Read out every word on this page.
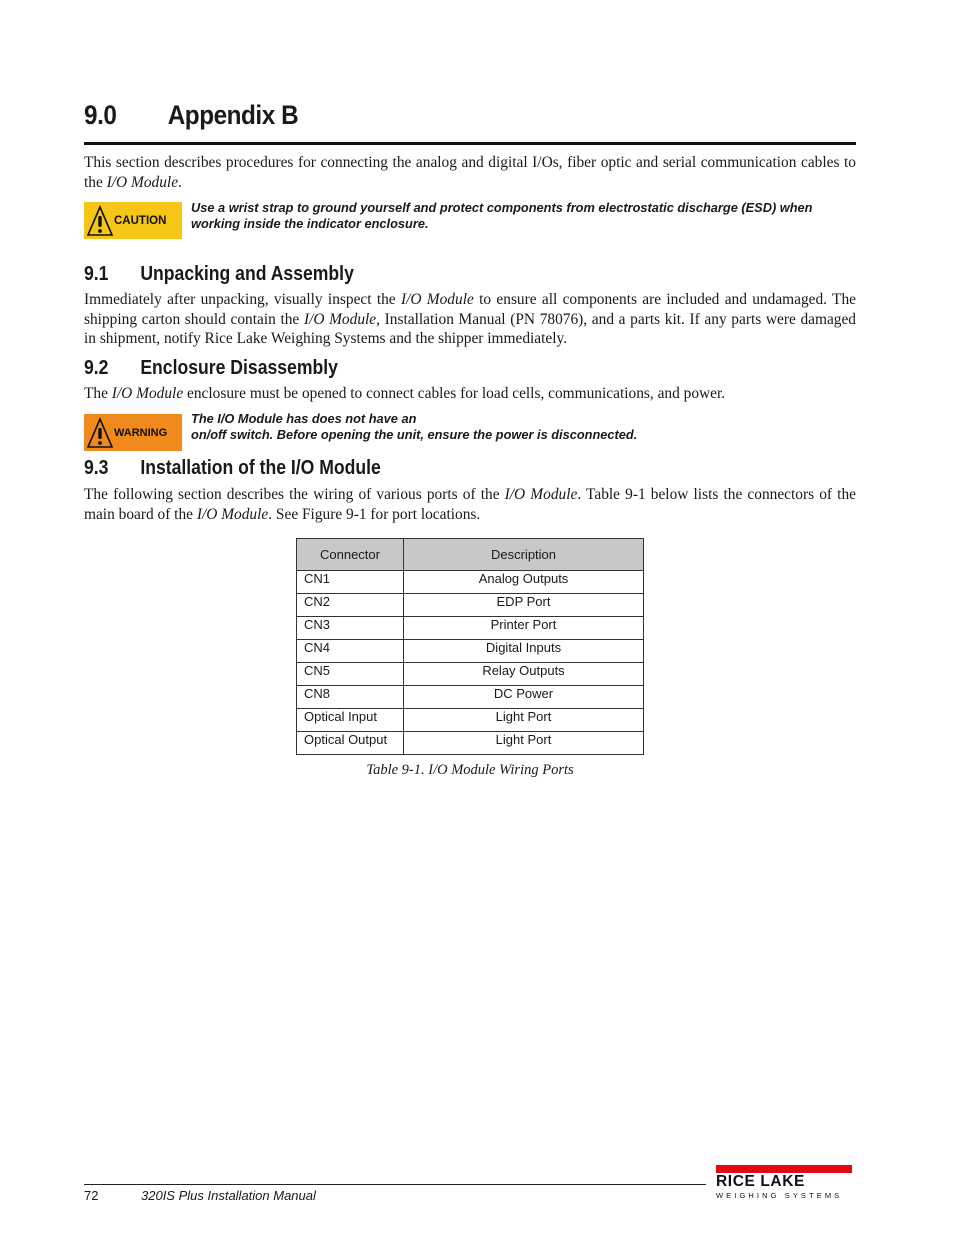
9.0 Appendix B
This section describes procedures for connecting the analog and digital I/Os, fiber optic and serial communication cables to the I/O Module.
CAUTION
Use a wrist strap to ground yourself and protect components from electrostatic discharge (ESD) when working inside the indicator enclosure.
9.1 Unpacking and Assembly
Immediately after unpacking, visually inspect the I/O Module to ensure all components are included and undamaged. The shipping carton should contain the I/O Module, Installation Manual (PN 78076), and a parts kit. If any parts were damaged in shipment, notify Rice Lake Weighing Systems and the shipper immediately.
9.2 Enclosure Disassembly
The I/O Module enclosure must be opened to connect cables for load cells, communications, and power.
WARNING
The I/O Module has does not have an
on/off switch. Before opening the unit, ensure the power is disconnected.
9.3 Installation of the I/O Module
The following section describes the wiring of various ports of the I/O Module. Table 9-1 below lists the connectors of the main board of the I/O Module. See Figure 9-1 for port locations.
Connector	Description
CN1	Analog Outputs
CN2	EDP Port
CN3	Printer Port
CN4	Digital Inputs
CN5	Relay Outputs
CN8	DC Power
Optical Input	Light Port
Optical Output	Light Port
Table 9-1. I/O Module Wiring Ports
72	320IS Plus Installation Manual
RICE LAKE
WEIGHING SYSTEMS
